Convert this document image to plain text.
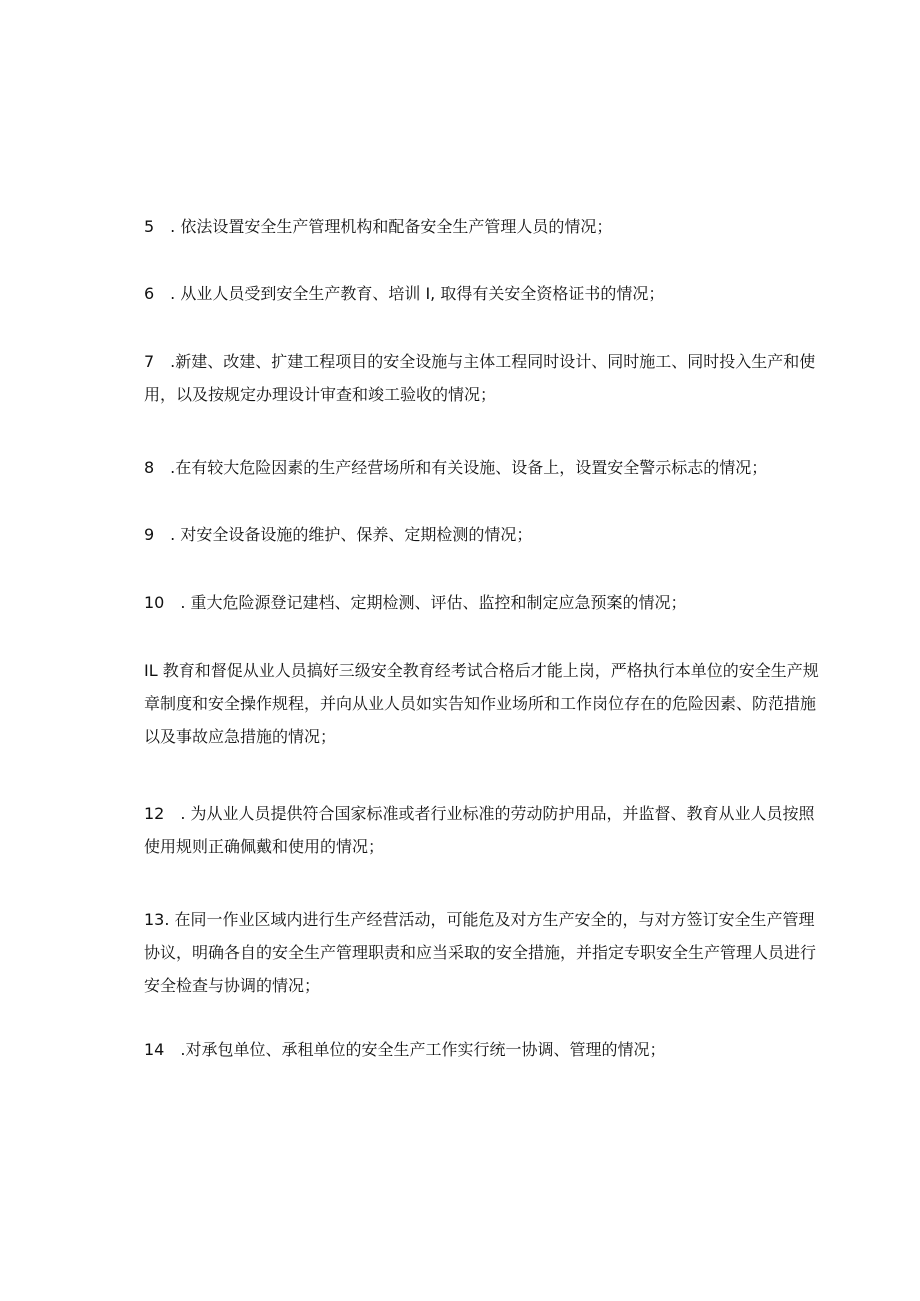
5　. 依法设置安全生产管理机构和配备安全生产管理人员的情况；

6　. 从业人员受到安全生产教育、培训 I, 取得有关安全资格证书的情况；

7　.新建、改建、扩建工程项目的安全设施与主体工程同时设计、同时施工、同时投入生产和使用，以及按规定办理设计审查和竣工验收的情况；

8　.在有较大危险因素的生产经营场所和有关设施、设备上，设置安全警示标志的情况；

9　. 对安全设备设施的维护、保养、定期检测的情况；

10　. 重大危险源登记建档、定期检测、评估、监控和制定应急预案的情况；

IL 教育和督促从业人员搞好三级安全教育经考试合格后才能上岗，严格执行本单位的安全生产规章制度和安全操作规程，并向从业人员如实告知作业场所和工作岗位存在的危险因素、防范措施以及事故应急措施的情况；

12　. 为从业人员提供符合国家标准或者行业标准的劳动防护用品，并监督、教育从业人员按照使用规则正确佩戴和使用的情况；

13. 在同一作业区域内进行生产经营活动，可能危及对方生产安全的，与对方签订安全生产管理协议，明确各自的安全生产管理职责和应当采取的安全措施，并指定专职安全生产管理人员进行安全检查与协调的情况；

14　.对承包单位、承租单位的安全生产工作实行统一协调、管理的情况；
